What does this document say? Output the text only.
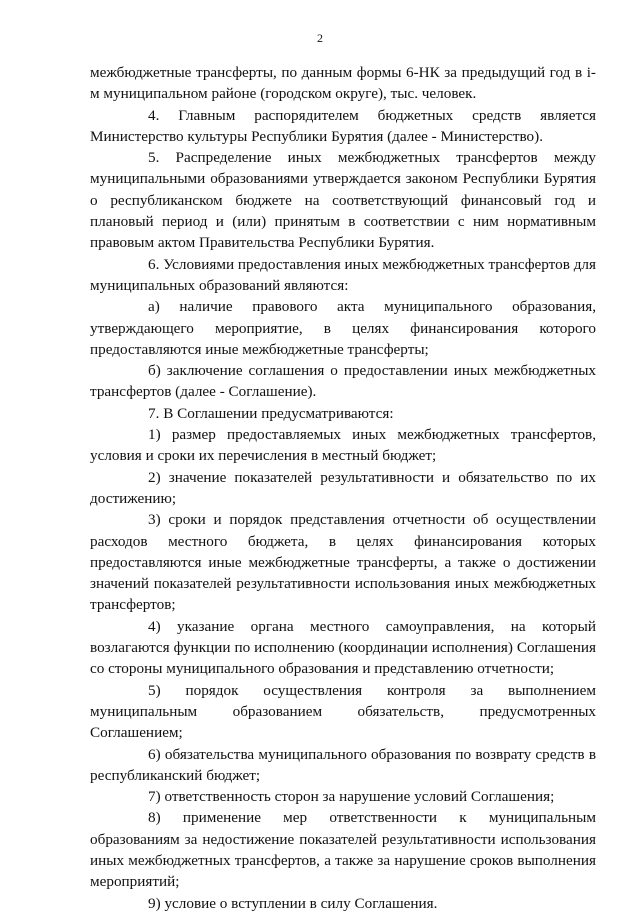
2

межбюджетные трансферты, по данным формы 6-НК за предыдущий год в i-м муниципальном районе (городском округе), тыс. человек.

4. Главным распорядителем бюджетных средств является Министерство культуры Республики Бурятия (далее - Министерство).

5. Распределение иных межбюджетных трансфертов между муниципальными образованиями утверждается законом Республики Бурятия о республиканском бюджете на соответствующий финансовый год и плановый период и (или) принятым в соответствии с ним нормативным правовым актом Правительства Республики Бурятия.

6. Условиями предоставления иных межбюджетных трансфертов для муниципальных образований являются:

а) наличие правового акта муниципального образования, утверждающего мероприятие, в целях финансирования которого предоставляются иные межбюджетные трансферты;

б) заключение соглашения о предоставлении иных межбюджетных трансфертов (далее - Соглашение).

7. В Соглашении предусматриваются:

1) размер предоставляемых иных межбюджетных трансфертов, условия и сроки их перечисления в местный бюджет;

2) значение показателей результативности и обязательство по их достижению;

3) сроки и порядок представления отчетности об осуществлении расходов местного бюджета, в целях финансирования которых предоставляются иные межбюджетные трансферты, а также о достижении значений показателей результативности использования иных межбюджетных трансфертов;

4) указание органа местного самоуправления, на который возлагаются функции по исполнению (координации исполнения) Соглашения со стороны муниципального образования и представлению отчетности;

5) порядок осуществления контроля за выполнением муниципальным образованием обязательств, предусмотренных Соглашением;

6) обязательства муниципального образования по возврату средств в республиканский бюджет;

7) ответственность сторон за нарушение условий Соглашения;

8) применение мер ответственности к муниципальным образованиям за недостижение показателей результативности использования иных межбюджетных трансфертов, а также за нарушение сроков выполнения мероприятий;

9) условие о вступлении в силу Соглашения.
